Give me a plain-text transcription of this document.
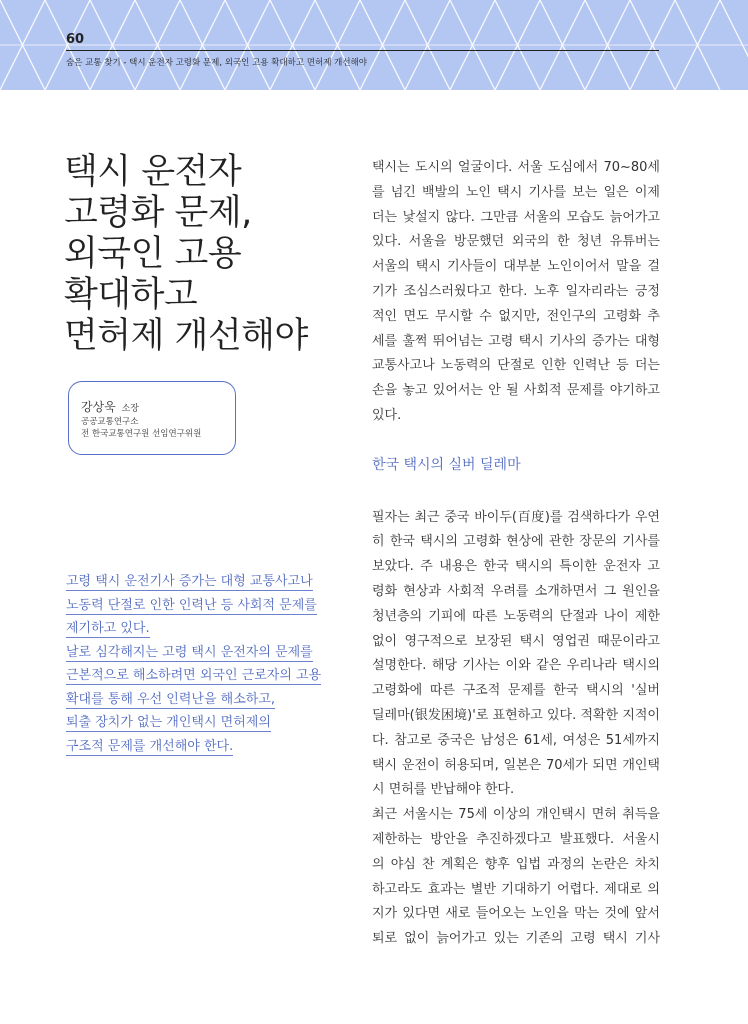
60
숨은 교통 찾기 - 택시 운전자 고령화 문제, 외국인 고용 확대하고 면허제 개선해야
택시 운전자
고령화 문제,
외국인 고용
확대하고
면허제 개선해야
강상욱 소장
공공교통연구소
전 한국교통연구원 선임연구위원
고령 택시 운전기사 증가는 대형 교통사고나
노동력 단절로 인한 인력난 등 사회적 문제를
제기하고 있다.
날로 심각해지는 고령 택시 운전자의 문제를
근본적으로 해소하려면 외국인 근로자의 고용
확대를 통해 우선 인력난을 해소하고,
퇴출 장치가 없는 개인택시 면허제의
구조적 문제를 개선해야 한다.

택시는 도시의 얼굴이다. 서울 도심에서 70~80세
를 넘긴 백발의 노인 택시 기사를 보는 일은 이제
더는 낯설지 않다. 그만큼 서울의 모습도 늙어가고
있다. 서울을 방문했던 외국의 한 청년 유튜버는
서울의 택시 기사들이 대부분 노인이어서 말을 걸
기가 조심스러웠다고 한다. 노후 일자리라는 긍정
적인 면도 무시할 수 없지만, 전인구의 고령화 추
세를 훌쩍 뛰어넘는 고령 택시 기사의 증가는 대형
교통사고나 노동력의 단절로 인한 인력난 등 더는
손을 놓고 있어서는 안 될 사회적 문제를 야기하고
있다.

한국 택시의 실버 딜레마

필자는 최근 중국 바이두(百度)를 검색하다가 우연
히 한국 택시의 고령화 현상에 관한 장문의 기사를
보았다. 주 내용은 한국 택시의 특이한 운전자 고
령화 현상과 사회적 우려를 소개하면서 그 원인을
청년층의 기피에 따른 노동력의 단절과 나이 제한
없이 영구적으로 보장된 택시 영업권 때문이라고
설명한다. 해당 기사는 이와 같은 우리나라 택시의
고령화에 따른 구조적 문제를 한국 택시의 '실버
딜레마(银发困境)'로 표현하고 있다. 적확한 지적이
다. 참고로 중국은 남성은 61세, 여성은 51세까지
택시 운전이 허용되며, 일본은 70세가 되면 개인택
시 면허를 반납해야 한다.

최근 서울시는 75세 이상의 개인택시 면허 취득을
제한하는 방안을 추진하겠다고 발표했다. 서울시
의 야심 찬 계획은 향후 입법 과정의 논란은 차치
하고라도 효과는 별반 기대하기 어렵다. 제대로 의
지가 있다면 새로 들어오는 노인을 막는 것에 앞서
퇴로 없이 늙어가고 있는 기존의 고령 택시 기사
